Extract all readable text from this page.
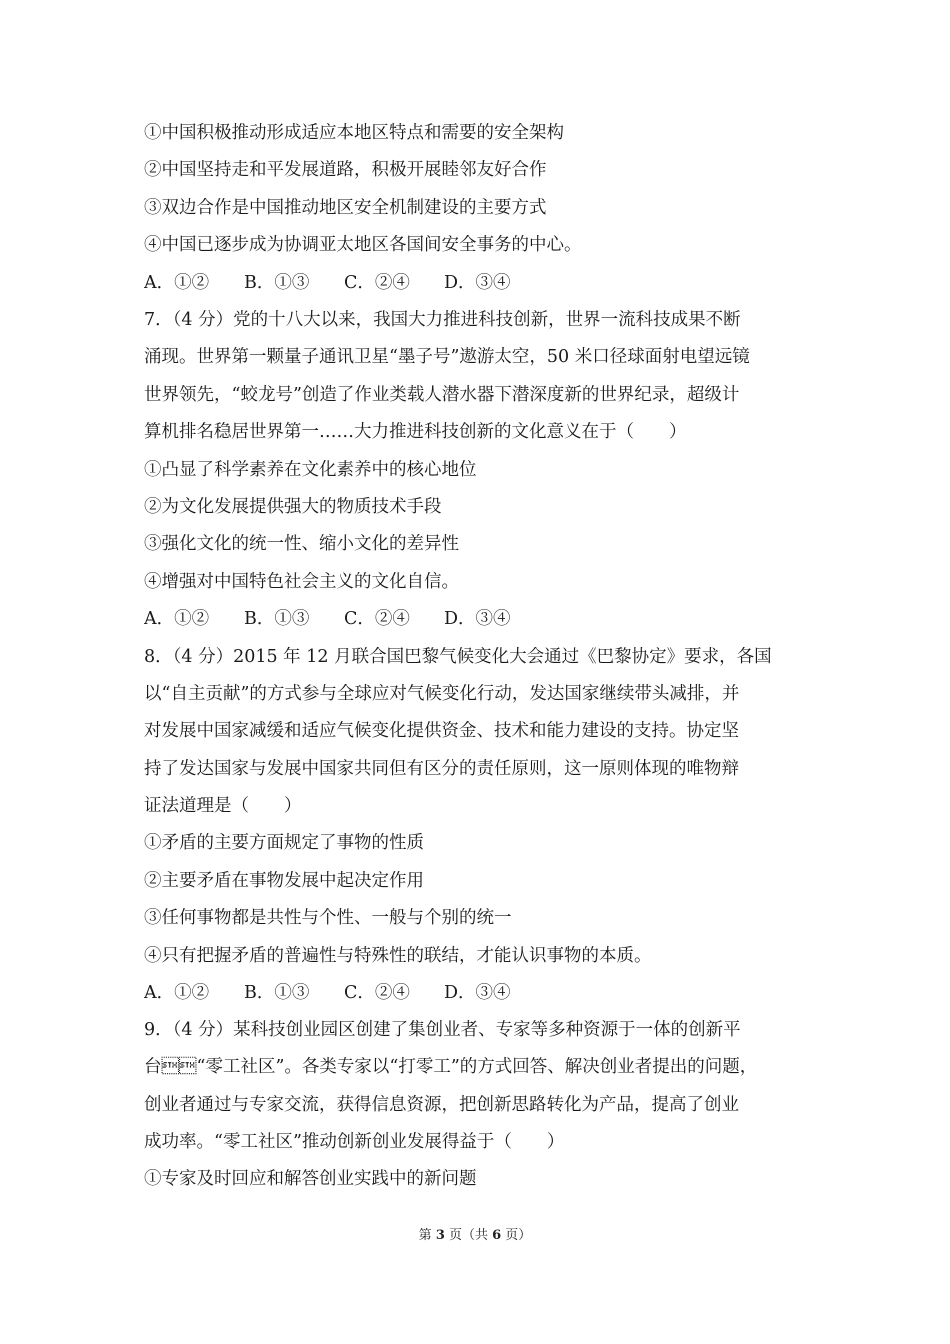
①中国积极推动形成适应本地区特点和需要的安全架构
②中国坚持走和平发展道路，积极开展睦邻友好合作
③双边合作是中国推动地区安全机制建设的主要方式
④中国已逐步成为协调亚太地区各国间安全事务的中心。
A．①② B．①③ C．②④ D．③④
7．（4 分）党的十八大以来，我国大力推进科技创新，世界一流科技成果不断
涌现。世界第一颗量子通讯卫星“墨子号”遨游太空，50 米口径球面射电望远镜
世界领先，“蛟龙号”创造了作业类载人潜水器下潜深度新的世界纪录，超级计
算机排名稳居世界第一……大力推进科技创新的文化意义在于（　　）
①凸显了科学素养在文化素养中的核心地位
②为文化发展提供强大的物质技术手段
③强化文化的统一性、缩小文化的差异性
④增强对中国特色社会主义的文化自信。
A．①② B．①③ C．②④ D．③④
8．（4 分）2015 年 12 月联合国巴黎气候变化大会通过《巴黎协定》要求，各国
以“自主贡献”的方式参与全球应对气候变化行动，发达国家继续带头减排，并
对发展中国家减缓和适应气候变化提供资金、技术和能力建设的支持。协定坚
持了发达国家与发展中国家共同但有区分的责任原则，这一原则体现的唯物辩
证法道理是（　　）
①矛盾的主要方面规定了事物的性质
②主要矛盾在事物发展中起决定作用
③任何事物都是共性与个性、一般与个别的统一
④只有把握矛盾的普遍性与特殊性的联结，才能认识事物的本质。
A．①② B．①③ C．②④ D．③④
9．（4 分）某科技创业园区创建了集创业者、专家等多种资源于一体的创新平
台“零工社区”。各类专家以“打零工”的方式回答、解决创业者提出的问题，
创业者通过与专家交流，获得信息资源，把创新思路转化为产品，提高了创业
成功率。“零工社区”推动创新创业发展得益于（　　）
①专家及时回应和解答创业实践中的新问题
第 3 页（共 6 页）
